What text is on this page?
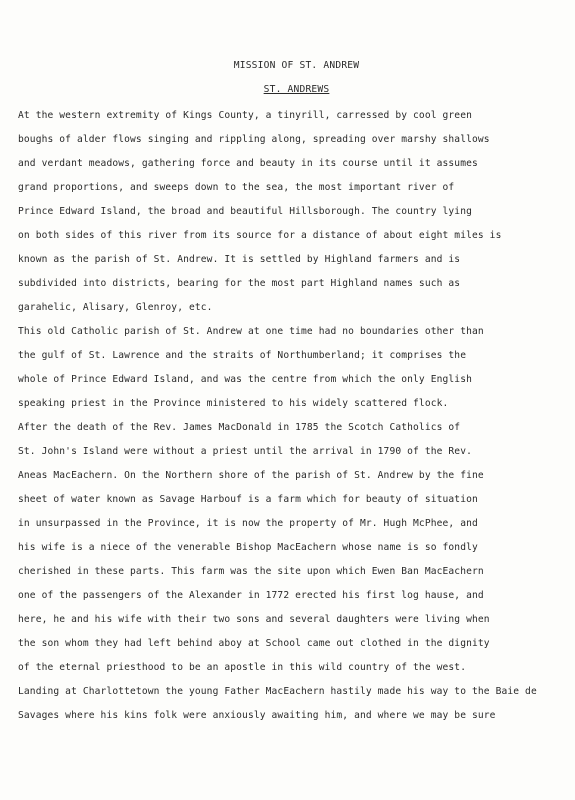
MISSION OF ST. ANDREW
ST. ANDREWS
At the western extremity of Kings County, a tinyrill, carressed by cool green
boughs of alder flows singing and rippling along, spreading over marshy shallows
and verdant meadows, gathering force and beauty in its course until it assumes
grand proportions, and sweeps down to the sea, the most important river of
Prince Edward Island, the broad and beautiful Hillsborough. The country lying
on both sides of this river from its source for a distance of about eight miles is
known as the parish of St. Andrew. It is settled by Highland farmers and is
subdivided into districts, bearing for the most part Highland names such as
garahelic, Alisary, Glenroy, etc.
This old Catholic parish of St. Andrew at one time had no boundaries other than
the gulf of St. Lawrence and the straits of Northumberland; it comprises the
whole of Prince Edward Island, and was the centre from which the only English
speaking priest in the Province ministered to his widely scattered flock.
After the death of the Rev. James MacDonald in 1785 the Scotch Catholics of
St. John's Island were without a priest until the arrival in 1790 of the Rev.
Aneas MacEachern. On the Northern shore of the parish of St. Andrew by the fine
sheet of water known as Savage Harbouf is a farm which for beauty of situation
in unsurpassed in the Province, it is now the property of Mr. Hugh McPhee, and
his wife is a niece of the venerable Bishop MacEachern whose name is so fondly
cherished in these parts. This farm was the site upon which Ewen Ban MacEachern
one of the passengers of the Alexander in 1772 erected his first log hause, and
here, he and his wife with their two sons and several daughters were living when
the son whom they had left behind aboy at School came out clothed in the dignity
of the eternal priesthood to be an apostle in this wild country of the west.
Landing at Charlottetown the young Father MacEachern hastily made his way to the Baie de
Savages where his kins folk were anxiously awaiting him, and where we may be sure
